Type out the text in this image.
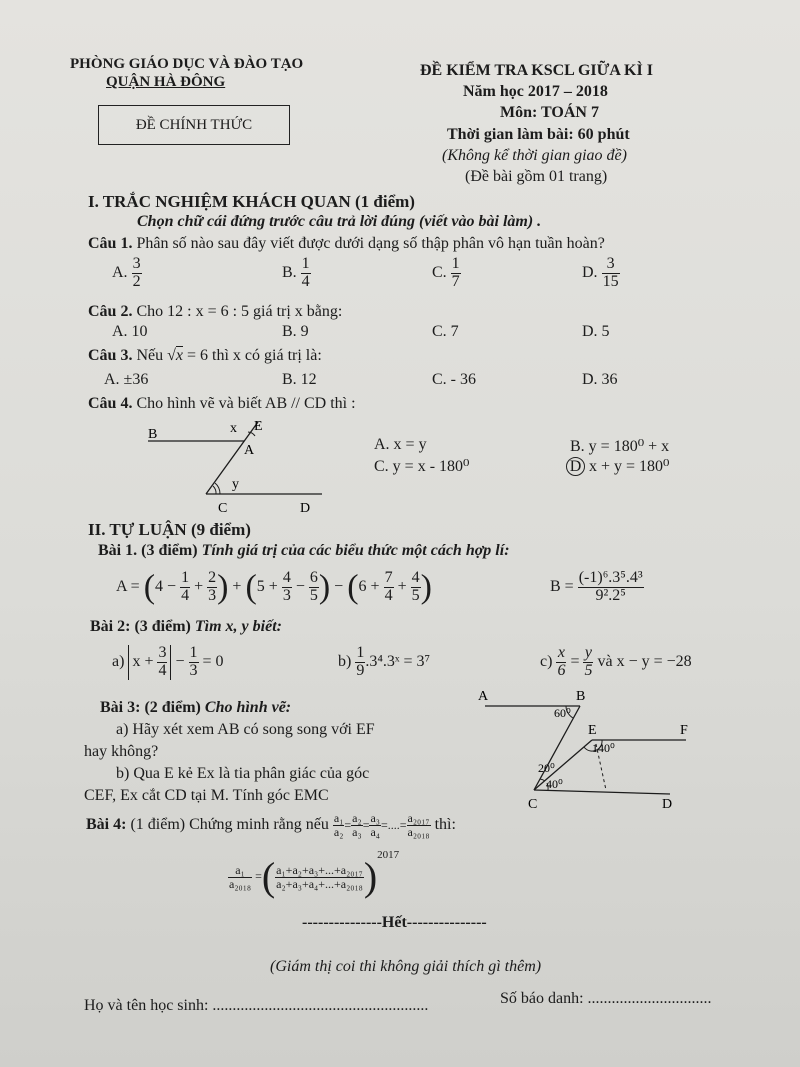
PHÒNG GIÁO DỤC VÀ ĐÀO TẠO
QUẬN HÀ ĐÔNG
ĐỀ CHÍNH THỨC
ĐỀ KIỂM TRA KSCL GIỮA KÌ I
Năm học 2017 – 2018
Môn: TOÁN 7
Thời gian làm bài: 60 phút
(Không kể thời gian giao đề)
(Đề bài gồm 01 trang)
I. TRẮC NGHIỆM KHÁCH QUAN (1 điểm)
Chọn chữ cái đứng trước câu trả lời đúng (viết vào bài làm) .
Câu 1. Phân số nào sau đây viết được dưới dạng số thập phân vô hạn tuần hoàn?
A. $\frac{3}{2}$	B. $\frac{1}{4}$	C. $\frac{1}{7}$	D. $\frac{3}{15}$
Câu 2. Cho 12 : x = 6 : 5 giá trị x bằng:
A. 10	B. 9	C. 7	D. 5
Câu 3. Nếu √x = 6 thì x có giá trị là:
A. ±36	B. 12	C. - 36	D. 36
Câu 4. Cho hình vẽ và biết AB // CD thì :
B	x E
A
y
C	D
A. x = y	B. y = 180⁰ + x
C. y = x - 180⁰	D x + y = 180⁰
II. TỰ LUẬN (9 điểm)
Bài 1. (3 điểm) Tính giá trị của các biểu thức một cách hợp lí:
$A = (4 - \frac{1}{4} + \frac{2}{3}$ ) + ($5 + \frac{4}{3} - \frac{6}{5}$ ) − ($6 + \frac{7}{4} + \frac{4}{5}$ )	$B = \frac{\text{(-1)⁶.3⁵.4³}}{\text{9².2⁵}}$
Bài 2: (3 điểm) Tìm x, y biết:
a) $x + \frac{3}{4} - \frac{1}{3} = 0$	$b) \frac{1}{9}$ .3⁴.3ˣ = 3⁷	$c) \frac{x}{6} = \frac{y}{5}$ và x − y = −28
Bài 3: (2 điểm) Cho hình vẽ:
a) Hãy xét xem AB có song song với EF
hay không?
b) Qua E kẻ Ex là tia phân giác của góc
CEF, Ex cắt CD tại M. Tính góc EMC
A	B
E	F
C	D
60⁰
140⁰
20⁰
40⁰
Bài 4: (1 điểm) Chứng minh rằng nếu $\frac{\text{a₁}}{\text{a₂}} = \frac{\text{a₂}}{\text{a₃}} = \frac{\text{a₃}}{\text{a₄}}$ =....= $\frac{\text{a₂₀₁₇}}{\text{a₂₀₁₈}}$ thì:
$\frac{\text{a₁}}{\text{a₂₀₁₈}}$ =( $\frac{\text{a₁+a₂+a₃+...+a₂₀₁₇}}{\text{a₂+a₃+a₄+...+a₂₀₁₈}} )2017$
---------------Hết---------------
(Giám thị coi thi không giải thích gì thêm)
Họ và tên học sinh: ......................................................	Số báo danh: ...............................
